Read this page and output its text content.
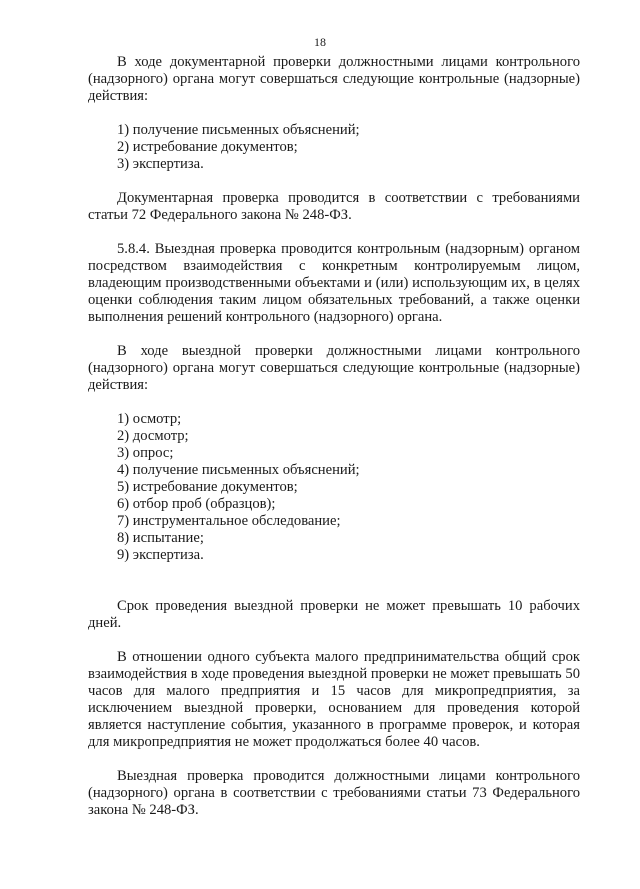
18

В ходе документарной проверки должностными лицами контрольного (надзорного) органа могут совершаться следующие контрольные (надзорные) действия:

1) получение письменных объяснений;

2) истребование документов;

3) экспертиза.

Документарная проверка проводится в соответствии с требованиями статьи 72 Федерального закона № 248-ФЗ.

5.8.4. Выездная проверка проводится контрольным (надзорным) органом посредством взаимодействия с конкретным контролируемым лицом, владеющим производственными объектами и (или) использующим их, в целях оценки соблюдения таким лицом обязательных требований, а также оценки выполнения решений контрольного (надзорного) органа.

В ходе выездной проверки должностными лицами контрольного (надзорного) органа могут совершаться следующие контрольные (надзорные) действия:

1) осмотр;

2) досмотр;

3) опрос;

4) получение письменных объяснений;

5) истребование документов;

6) отбор проб (образцов);

7) инструментальное обследование;

8) испытание;

9) экспертиза.

Срок проведения выездной проверки не может превышать 10 рабочих дней.

В отношении одного субъекта малого предпринимательства общий срок взаимодействия в ходе проведения выездной проверки не может превышать 50 часов для малого предприятия и 15 часов для микропредприятия, за исключением выездной проверки, основанием для проведения которой является наступление события, указанного в программе проверок, и которая для микропредприятия не может продолжаться более 40 часов.

Выездная проверка проводится должностными лицами контрольного (надзорного) органа в соответствии с требованиями статьи 73 Федерального закона № 248-ФЗ.
